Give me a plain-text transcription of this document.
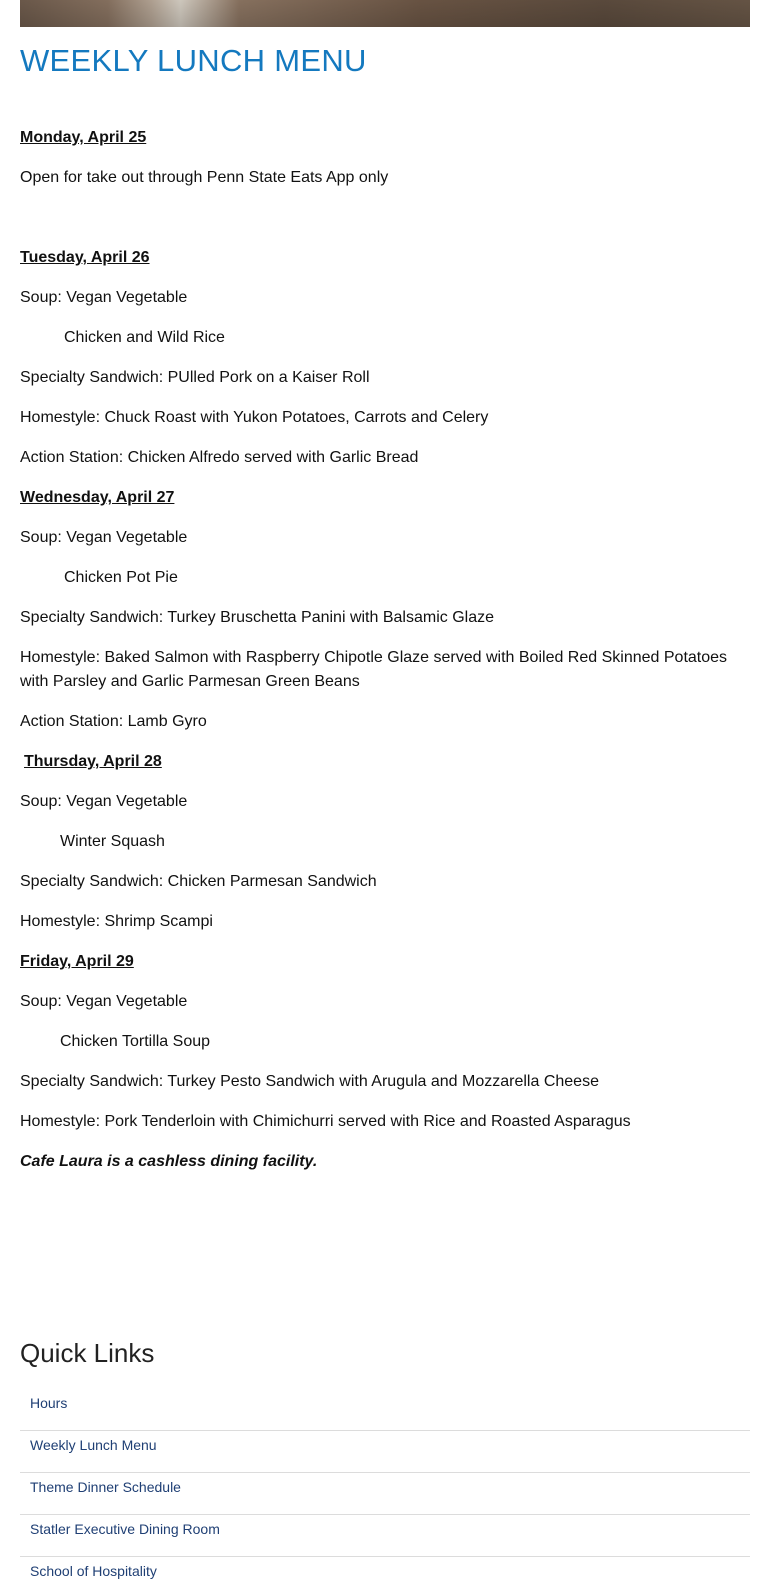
WEEKLY LUNCH MENU

Monday, April 25

Open for take out through Penn State Eats App only

Tuesday, April 26

Soup: Vegan Vegetable

Chicken and Wild Rice

Specialty Sandwich: PUlled Pork on a Kaiser Roll

Homestyle: Chuck Roast with Yukon Potatoes, Carrots and Celery

Action Station: Chicken Alfredo served with Garlic Bread

Wednesday, April 27

Soup: Vegan Vegetable

Chicken Pot Pie

Specialty Sandwich: Turkey Bruschetta Panini with Balsamic Glaze

Homestyle: Baked Salmon with Raspberry Chipotle Glaze served with Boiled Red Skinned Potatoes with Parsley and Garlic Parmesan Green Beans

Action Station: Lamb Gyro

Thursday, April 28

Soup: Vegan Vegetable

Winter Squash

Specialty Sandwich: Chicken Parmesan Sandwich

Homestyle: Shrimp Scampi

Friday, April 29

Soup: Vegan Vegetable

Chicken Tortilla Soup

Specialty Sandwich: Turkey Pesto Sandwich with Arugula and Mozzarella Cheese

Homestyle: Pork Tenderloin with Chimichurri served with Rice and Roasted Asparagus

Cafe Laura is a cashless dining facility.

Quick Links
Hours
Weekly Lunch Menu
Theme Dinner Schedule
Statler Executive Dining Room
School of Hospitality
